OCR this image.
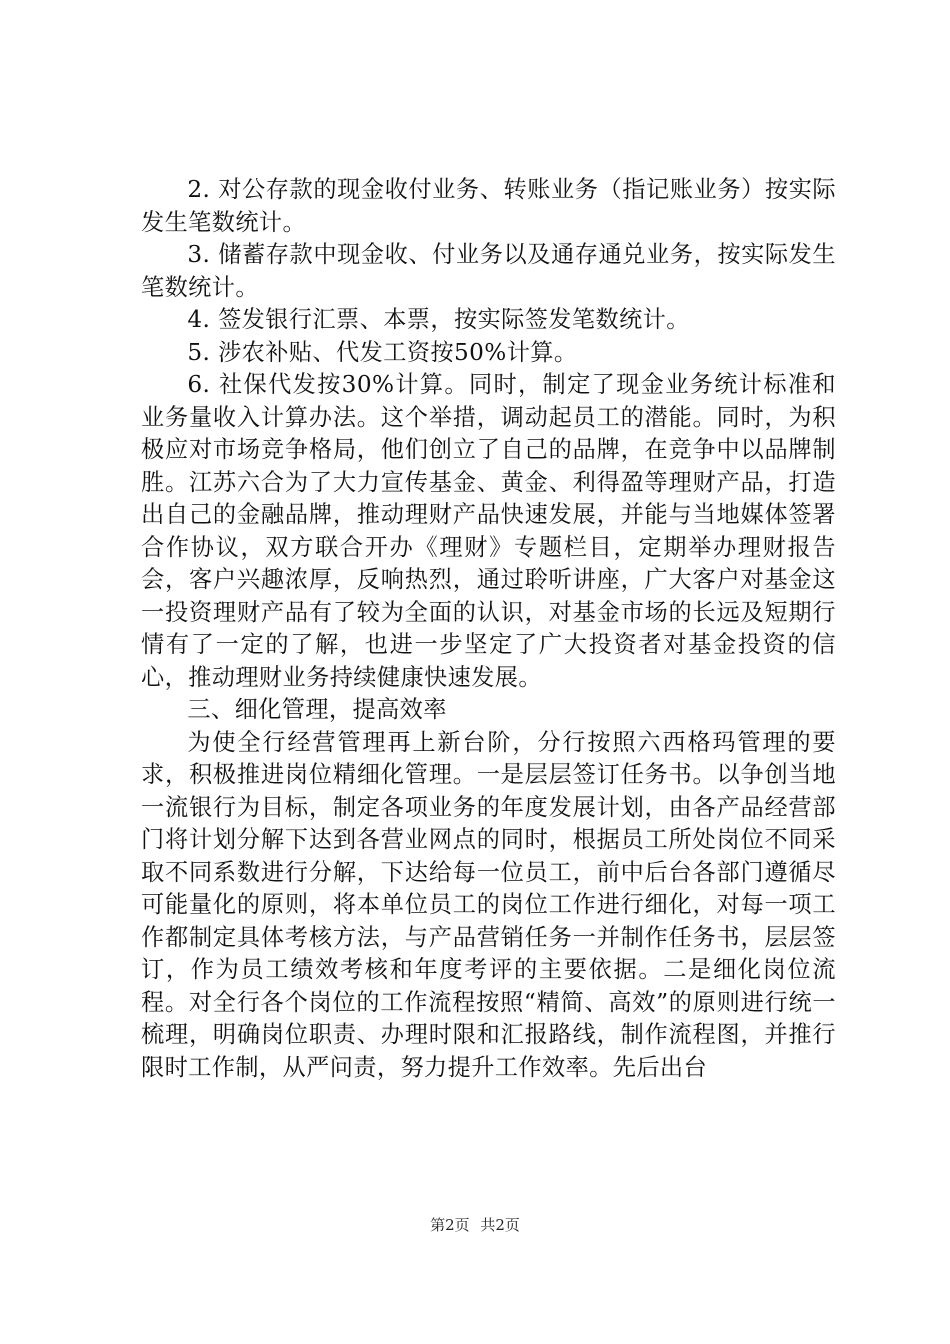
2. 对公存款的现金收付业务、转账业务（指记账业务）按实际发生笔数统计。

3. 储蓄存款中现金收、付业务以及通存通兑业务，按实际发生笔数统计。

4. 签发银行汇票、本票，按实际签发笔数统计。

5. 涉农补贴、代发工资按50%计算。

6. 社保代发按30%计算。同时，制定了现金业务统计标准和业务量收入计算办法。这个举措，调动起员工的潜能。同时，为积极应对市场竞争格局，他们创立了自己的品牌，在竞争中以品牌制胜。江苏六合为了大力宣传基金、黄金、利得盈等理财产品，打造出自己的金融品牌，推动理财产品快速发展，并能与当地媒体签署合作协议，双方联合开办《理财》专题栏目，定期举办理财报告会，客户兴趣浓厚，反响热烈，通过聆听讲座，广大客户对基金这一投资理财产品有了较为全面的认识，对基金市场的长远及短期行情有了一定的了解，也进一步坚定了广大投资者对基金投资的信心，推动理财业务持续健康快速发展。

三、细化管理，提高效率

为使全行经营管理再上新台阶，分行按照六西格玛管理的要求，积极推进岗位精细化管理。一是层层签订任务书。以争创当地一流银行为目标，制定各项业务的年度发展计划，由各产品经营部门将计划分解下达到各营业网点的同时，根据员工所处岗位不同采取不同系数进行分解，下达给每一位员工，前中后台各部门遵循尽可能量化的原则，将本单位员工的岗位工作进行细化，对每一项工作都制定具体考核方法，与产品营销任务一并制作任务书，层层签订，作为员工绩效考核和年度考评的主要依据。二是细化岗位流程。对全行各个岗位的工作流程按照“精简、高效”的原则进行统一梳理，明确岗位职责、办理时限和汇报路线，制作流程图，并推行限时工作制，从严问责，努力提升工作效率。先后出台

第2页 共2页
